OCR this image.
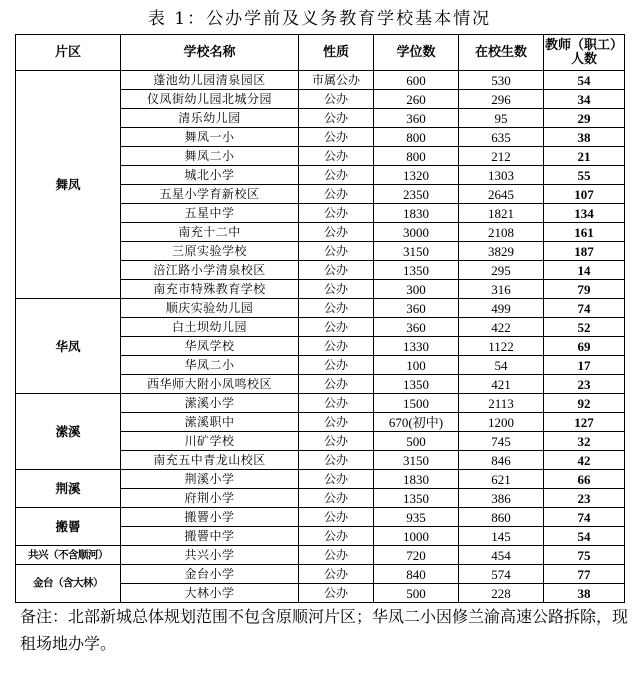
表 1：公办学前及义务教育学校基本情况
片区	学校名称	性质	学位数	在校生数	教师（职工）
人数
舞凤	蓬池幼儿园清泉园区	市属公办	600	530	54
	仪凤街幼儿园北城分园	公办	260	296	34
	清乐幼儿园	公办	360	95	29
	舞凤一小	公办	800	635	38
	舞凤二小	公办	800	212	21
	城北小学	公办	1320	1303	55
	五星小学育新校区	公办	2350	2645	107
	五星中学	公办	1830	1821	134
	南充十二中	公办	3000	2108	161
	三原实验学校	公办	3150	3829	187
	涪江路小学清泉校区	公办	1350	295	14
	南充市特殊教育学校	公办	300	316	79
华凤	顺庆实验幼儿园	公办	360	499	74
	白土坝幼儿园	公办	360	422	52
	华凤学校	公办	1330	1122	69
	华凤二小	公办	100	54	17
	西华师大附小凤鸣校区	公办	1350	421	23
潆溪	潆溪小学	公办	1500	2113	92
	潆溪职中	公办	670(初中)	1200	127
	川矿学校	公办	500	745	32
	南充五中青龙山校区	公办	3150	846	42
荆溪	荆溪小学	公办	1830	621	66
	府荆小学	公办	1350	386	23
搬罾	搬罾小学	公办	935	860	74
	搬罾中学	公办	1000	145	54
共兴（不含顺河）	共兴小学	公办	720	454	75
金台（含大林）	金台小学	公办	840	574	77
	大林小学	公办	500	228	38
备注：北部新城总体规划范围不包含原顺河片区；华凤二小因修兰渝高速公路拆除，现租场地办学。
